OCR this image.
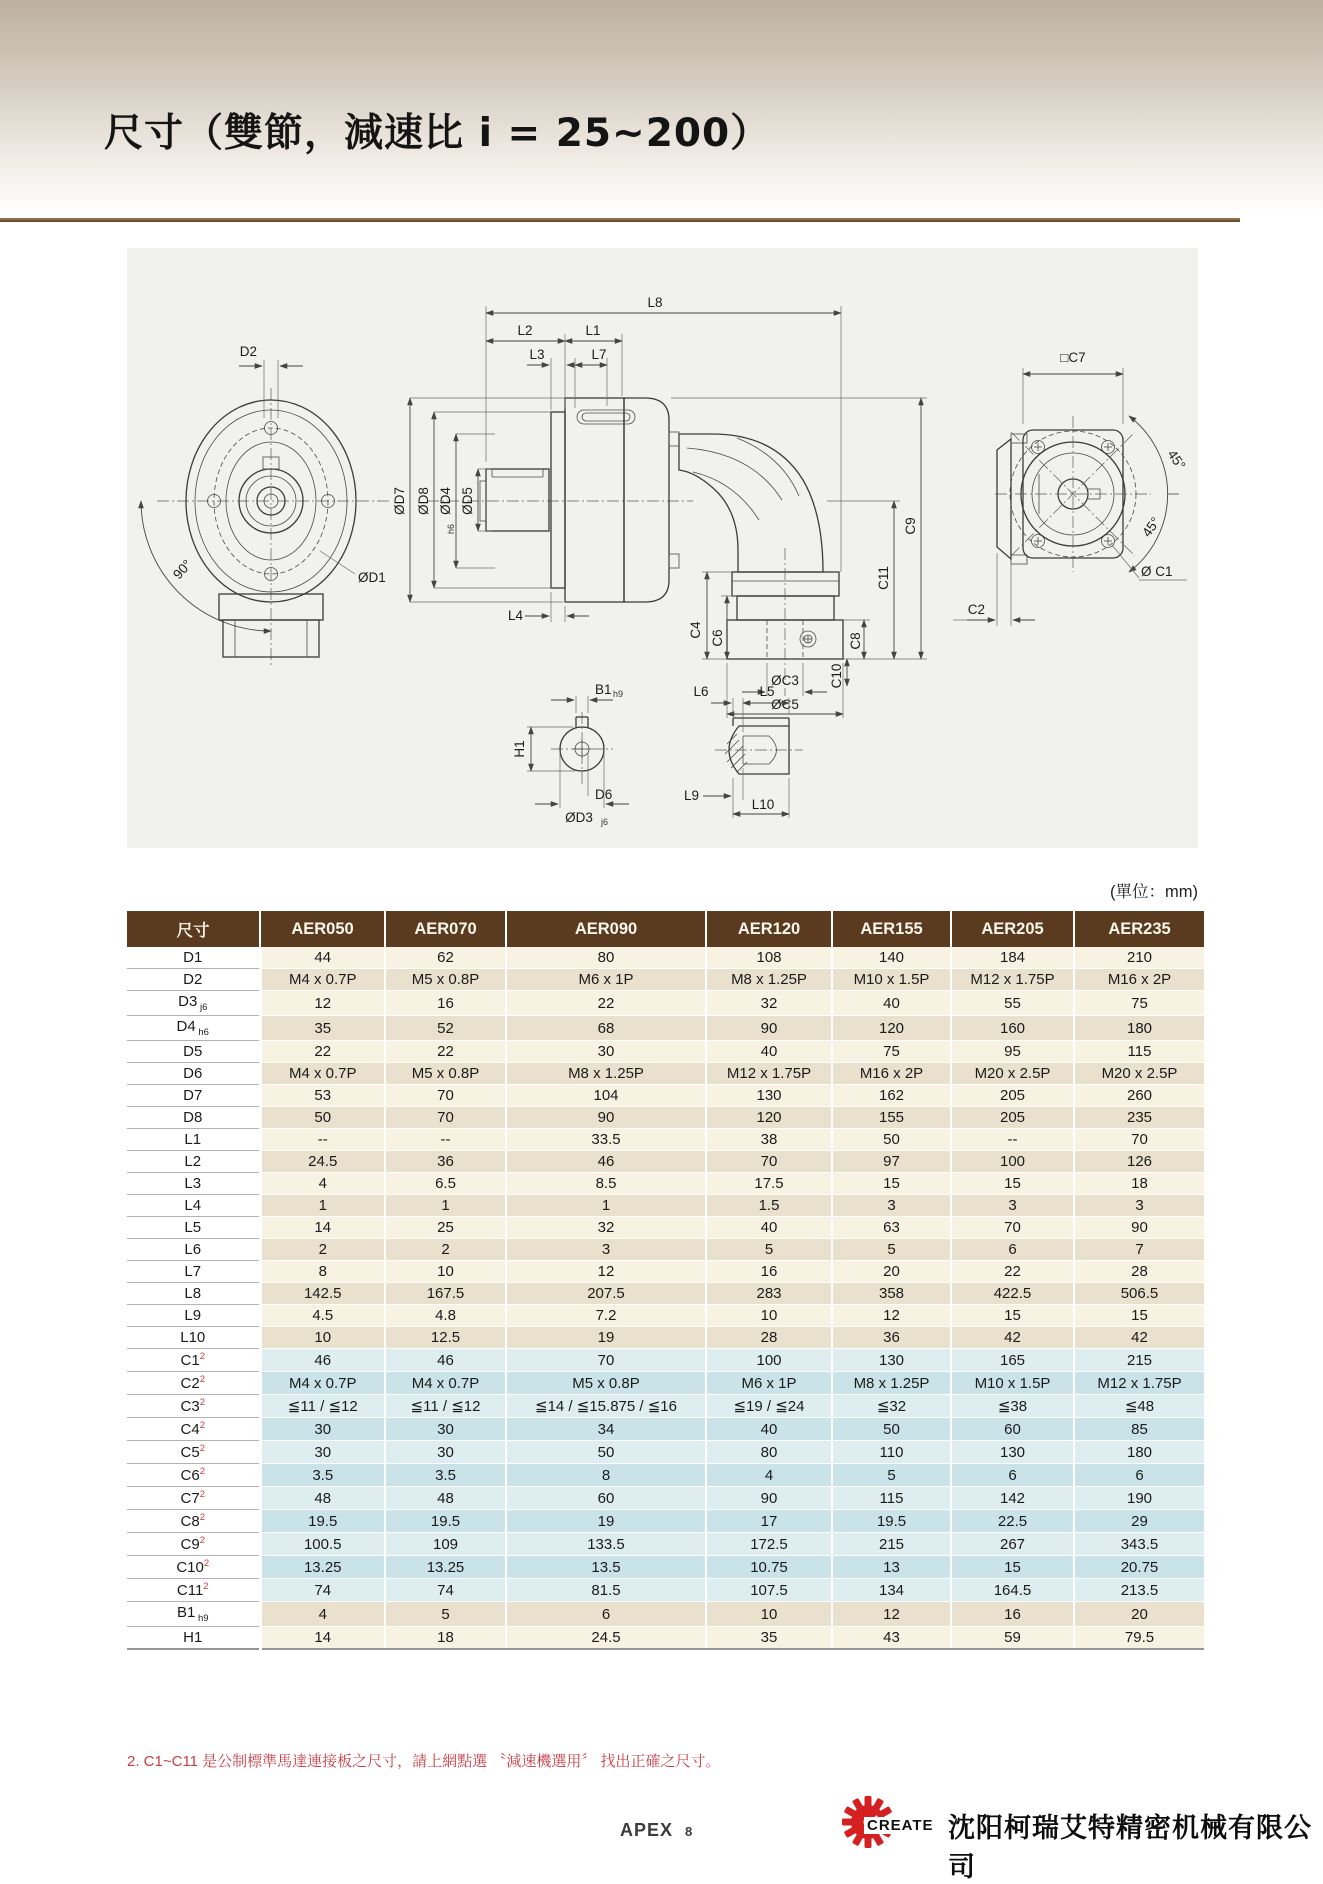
尺寸（雙節，減速比 i = 25~200）
D2
ØD1
90°
L8
L2	L1
L3	L7
L4
ØD7 ØD8 ØD4
h6
ØD5
C9
C11
C4 C6	C8
C10
ØC3
ØC5
45°
45°
□C7
Ø C1
C2
B1 h9
H1
D6
ØD3 j6
L6	L5
L9
L10
(單位：mm)
尺寸	AER050	AER070	AER090	AER120	AER155	AER205	AER235
D1	44	62	80	108	140	184	210
D2	M4 x 0.7P	M5 x 0.8P	M6 x 1P	M8 x 1.25P	M10 x 1.5P	M12 x 1.75P	M16 x 2P
D3 $_{j6}$	12	16	22	32	40	55	75
D4 $_{h6}$	35	52	68	90	120	160	180
D5	22	22	30	40	75	95	115
D6	M4 x 0.7P	M5 x 0.8P	M8 x 1.25P	M12 x 1.75P	M16 x 2P	M20 x 2.5P	M20 x 2.5P
D7	53	70	104	130	162	205	260
D8	50	70	90	120	155	205	235
L1	--	--	33.5	38	50	--	70
L2	24.5	36	46	70	97	100	126
L3	4	6.5	8.5	17.5	15	15	18
L4	1	1	1	1.5	3	3	3
L5	14	25	32	40	63	70	90
L6	2	2	3	5	5	6	7
L7	8	10	12	16	20	22	28
L8	142.5	167.5	207.5	283	358	422.5	506.5
L9	4.5	4.8	7.2	10	12	15	15
L10	10	12.5	19	28	36	42	42
$C1^2$	46	46	70	100	130	165	215
$C2^2$	M4 x 0.7P	M4 x 0.7P	M5 x 0.8P	M6 x 1P	M8 x 1.25P	M10 x 1.5P	M12 x 1.75P
$C3^2$	≦11 / ≦12	≦11 / ≦12	≦14 / ≦15.875 / ≦16	≦19 / ≦24	≦32	≦38	≦48
$C4^2$	30	30	34	40	50	60	85
$C5^2$	30	30	50	80	110	130	180
$C6^2$	3.5	3.5	8	4	5	6	6
$C7^2$	48	48	60	90	115	142	190
$C8^2$	19.5	19.5	19	17	19.5	22.5	29
$C9^2$	100.5	109	133.5	172.5	215	267	343.5
$C10^2$	13.25	13.25	13.5	10.75	13	15	20.75
$C11^2$	74	74	81.5	107.5	134	164.5	213.5
B1 $_{h9}$	4	5	6	10	12	16	20
H1	14	18	24.5	35	43	59	79.5
2. C1~C11 是公制標準馬達連接板之尺寸，請上網點選 〝減速機選用〞 找出正確之尺寸。
APEX 8	CREATE 沈阳柯瑞艾特精密机械有限公司
